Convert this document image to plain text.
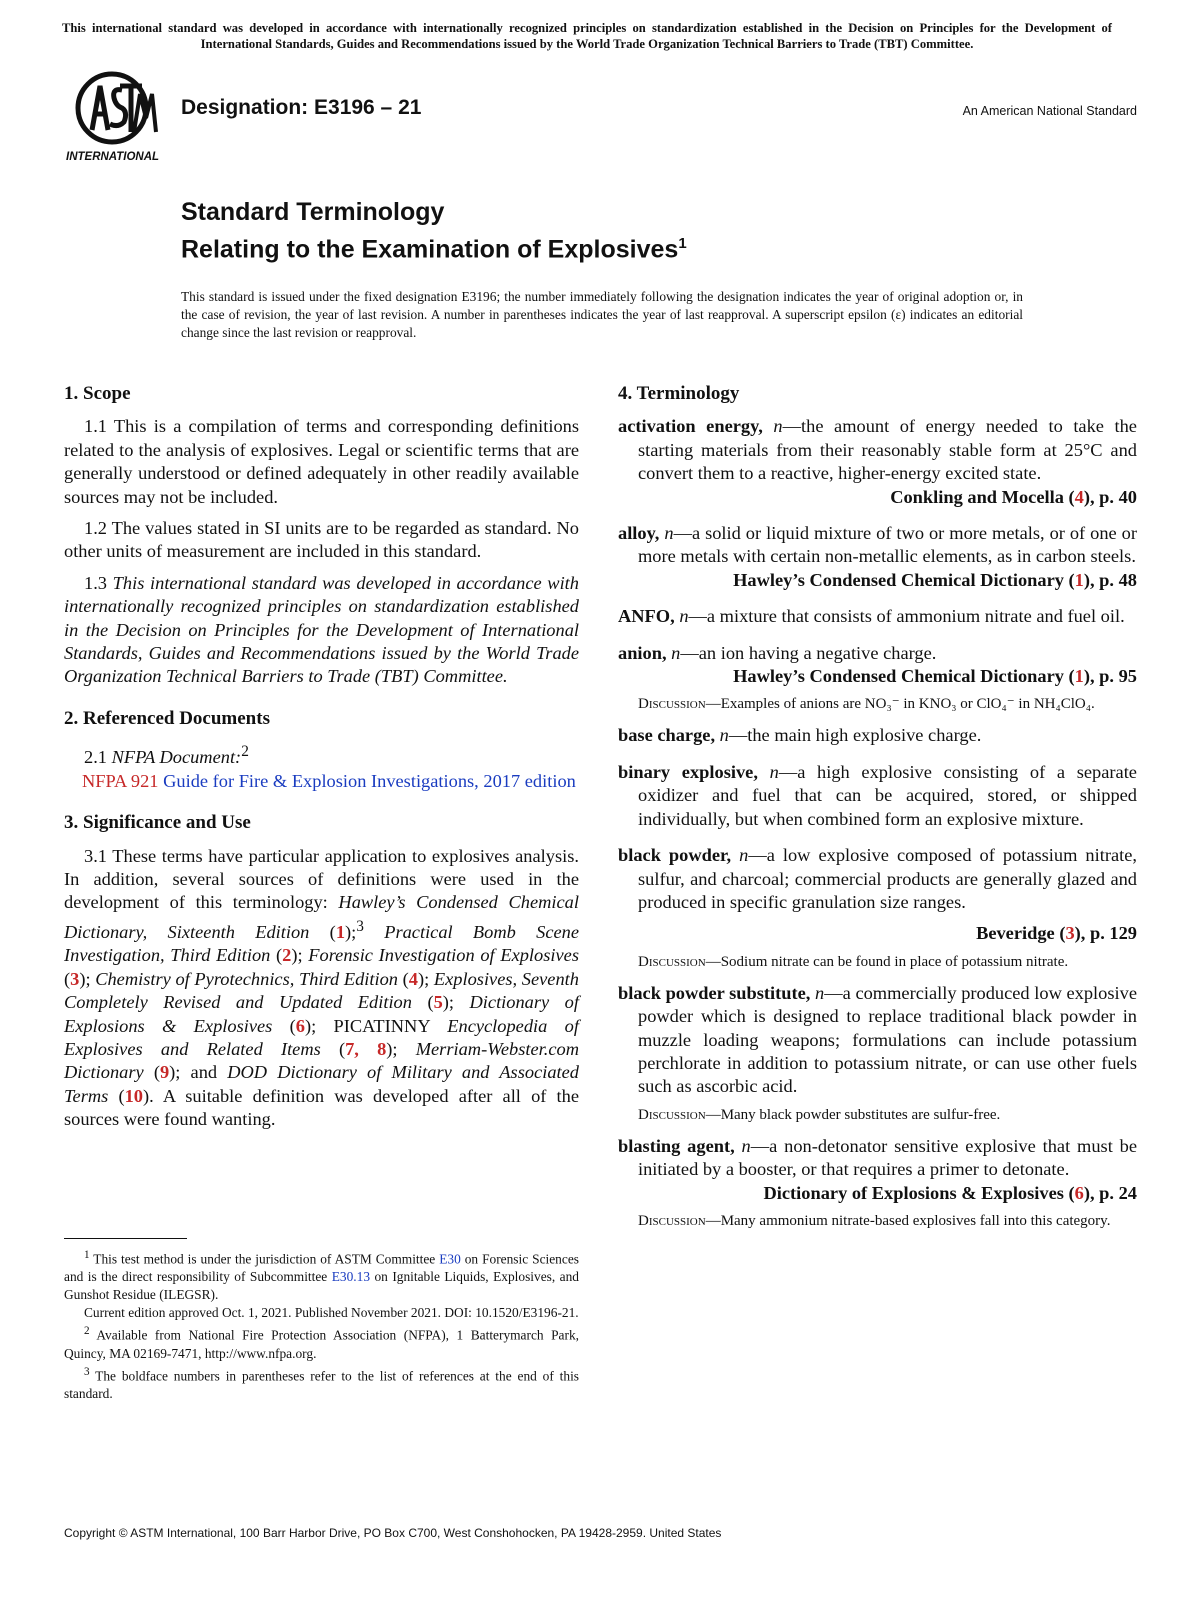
This international standard was developed in accordance with internationally recognized principles on standardization established in the Decision on Principles for the Development of International Standards, Guides and Recommendations issued by the World Trade Organization Technical Barriers to Trade (TBT) Committee.
INTERNATIONAL
Designation: E3196 – 21	An American National Standard
Standard Terminology
Relating to the Examination of Explosives$^1$
This standard is issued under the fixed designation E3196; the number immediately following the designation indicates the year of original adoption or, in the case of revision, the year of last revision. A number in parentheses indicates the year of last reapproval. A superscript epsilon (ε) indicates an editorial change since the last revision or reapproval.
1. Scope

1.1 This is a compilation of terms and corresponding definitions related to the analysis of explosives. Legal or scientific terms that are generally understood or defined adequately in other readily available sources may not be included.

1.2 The values stated in SI units are to be regarded as standard. No other units of measurement are included in this standard.

1.3 This international standard was developed in accordance with internationally recognized principles on standardization established in the Decision on Principles for the Development of International Standards, Guides and Recommendations issued by the World Trade Organization Technical Barriers to Trade (TBT) Committee.

2. Referenced Documents

2.1 NFPA Document:$^2$

NFPA 921 Guide for Fire & Explosion Investigations, 2017 edition

3. Significance and Use

3.1 These terms have particular application to explosives analysis. In addition, several sources of definitions were used in the development of this terminology: Hawley’s Condensed Chemical Dictionary, Sixteenth Edition (1);$^3$ Practical Bomb Scene Investigation, Third Edition (2); Forensic Investigation of Explosives (3); Chemistry of Pyrotechnics, Third Edition (4); Explosives, Seventh Completely Revised and Updated Edition (5); Dictionary of Explosions & Explosives (6); PICATINNY Encyclopedia of Explosives and Related Items (7, 8); Merriam-Webster.com Dictionary (9); and DOD Dictionary of Military and Associated Terms (10). A suitable definition was developed after all of the sources were found wanting.

$^1$ This test method is under the jurisdiction of ASTM Committee E30 on Forensic Sciences and is the direct responsibility of Subcommittee E30.13 on Ignitable Liquids, Explosives, and Gunshot Residue (ILEGSR).

Current edition approved Oct. 1, 2021. Published November 2021. DOI: 10.1520/E3196-21.

$^2$ Available from National Fire Protection Association (NFPA), 1 Batterymarch Park, Quincy, MA 02169-7471, http://www.nfpa.org.

$^3$ The boldface numbers in parentheses refer to the list of references at the end of this standard.

4. Terminology
activation energy, n—the amount of energy needed to take the starting materials from their reasonably stable form at 25°C and convert them to a reactive, higher-energy excited state.
Conkling and Mocella (4), p. 40
alloy, n—a solid or liquid mixture of two or more metals, or of one or more metals with certain non-metallic elements, as in carbon steels.
Hawley’s Condensed Chemical Dictionary (1), p. 48
ANFO, n—a mixture that consists of ammonium nitrate and fuel oil.
anion, n—an ion having a negative charge.
Hawley’s Condensed Chemical Dictionary (1), p. 95
Discussion—Examples of anions are NO₃⁻ in KNO₃ or ClO₄⁻ in NH₄ClO₄.
base charge, n—the main high explosive charge.
binary explosive, n—a high explosive consisting of a separate oxidizer and fuel that can be acquired, stored, or shipped individually, but when combined form an explosive mixture.
black powder, n—a low explosive composed of potassium nitrate, sulfur, and charcoal; commercial products are generally glazed and produced in specific granulation size ranges.
Beveridge (3), p. 129
Discussion—Sodium nitrate can be found in place of potassium nitrate.
black powder substitute, n—a commercially produced low explosive powder which is designed to replace traditional black powder in muzzle loading weapons; formulations can include potassium perchlorate in addition to potassium nitrate, or can use other fuels such as ascorbic acid.
Discussion—Many black powder substitutes are sulfur-free.
blasting agent, n—a non-detonator sensitive explosive that must be initiated by a booster, or that requires a primer to detonate.
Dictionary of Explosions & Explosives (6), p. 24
Discussion—Many ammonium nitrate-based explosives fall into this category.
Copyright © ASTM International, 100 Barr Harbor Drive, PO Box C700, West Conshohocken, PA 19428-2959. United States
